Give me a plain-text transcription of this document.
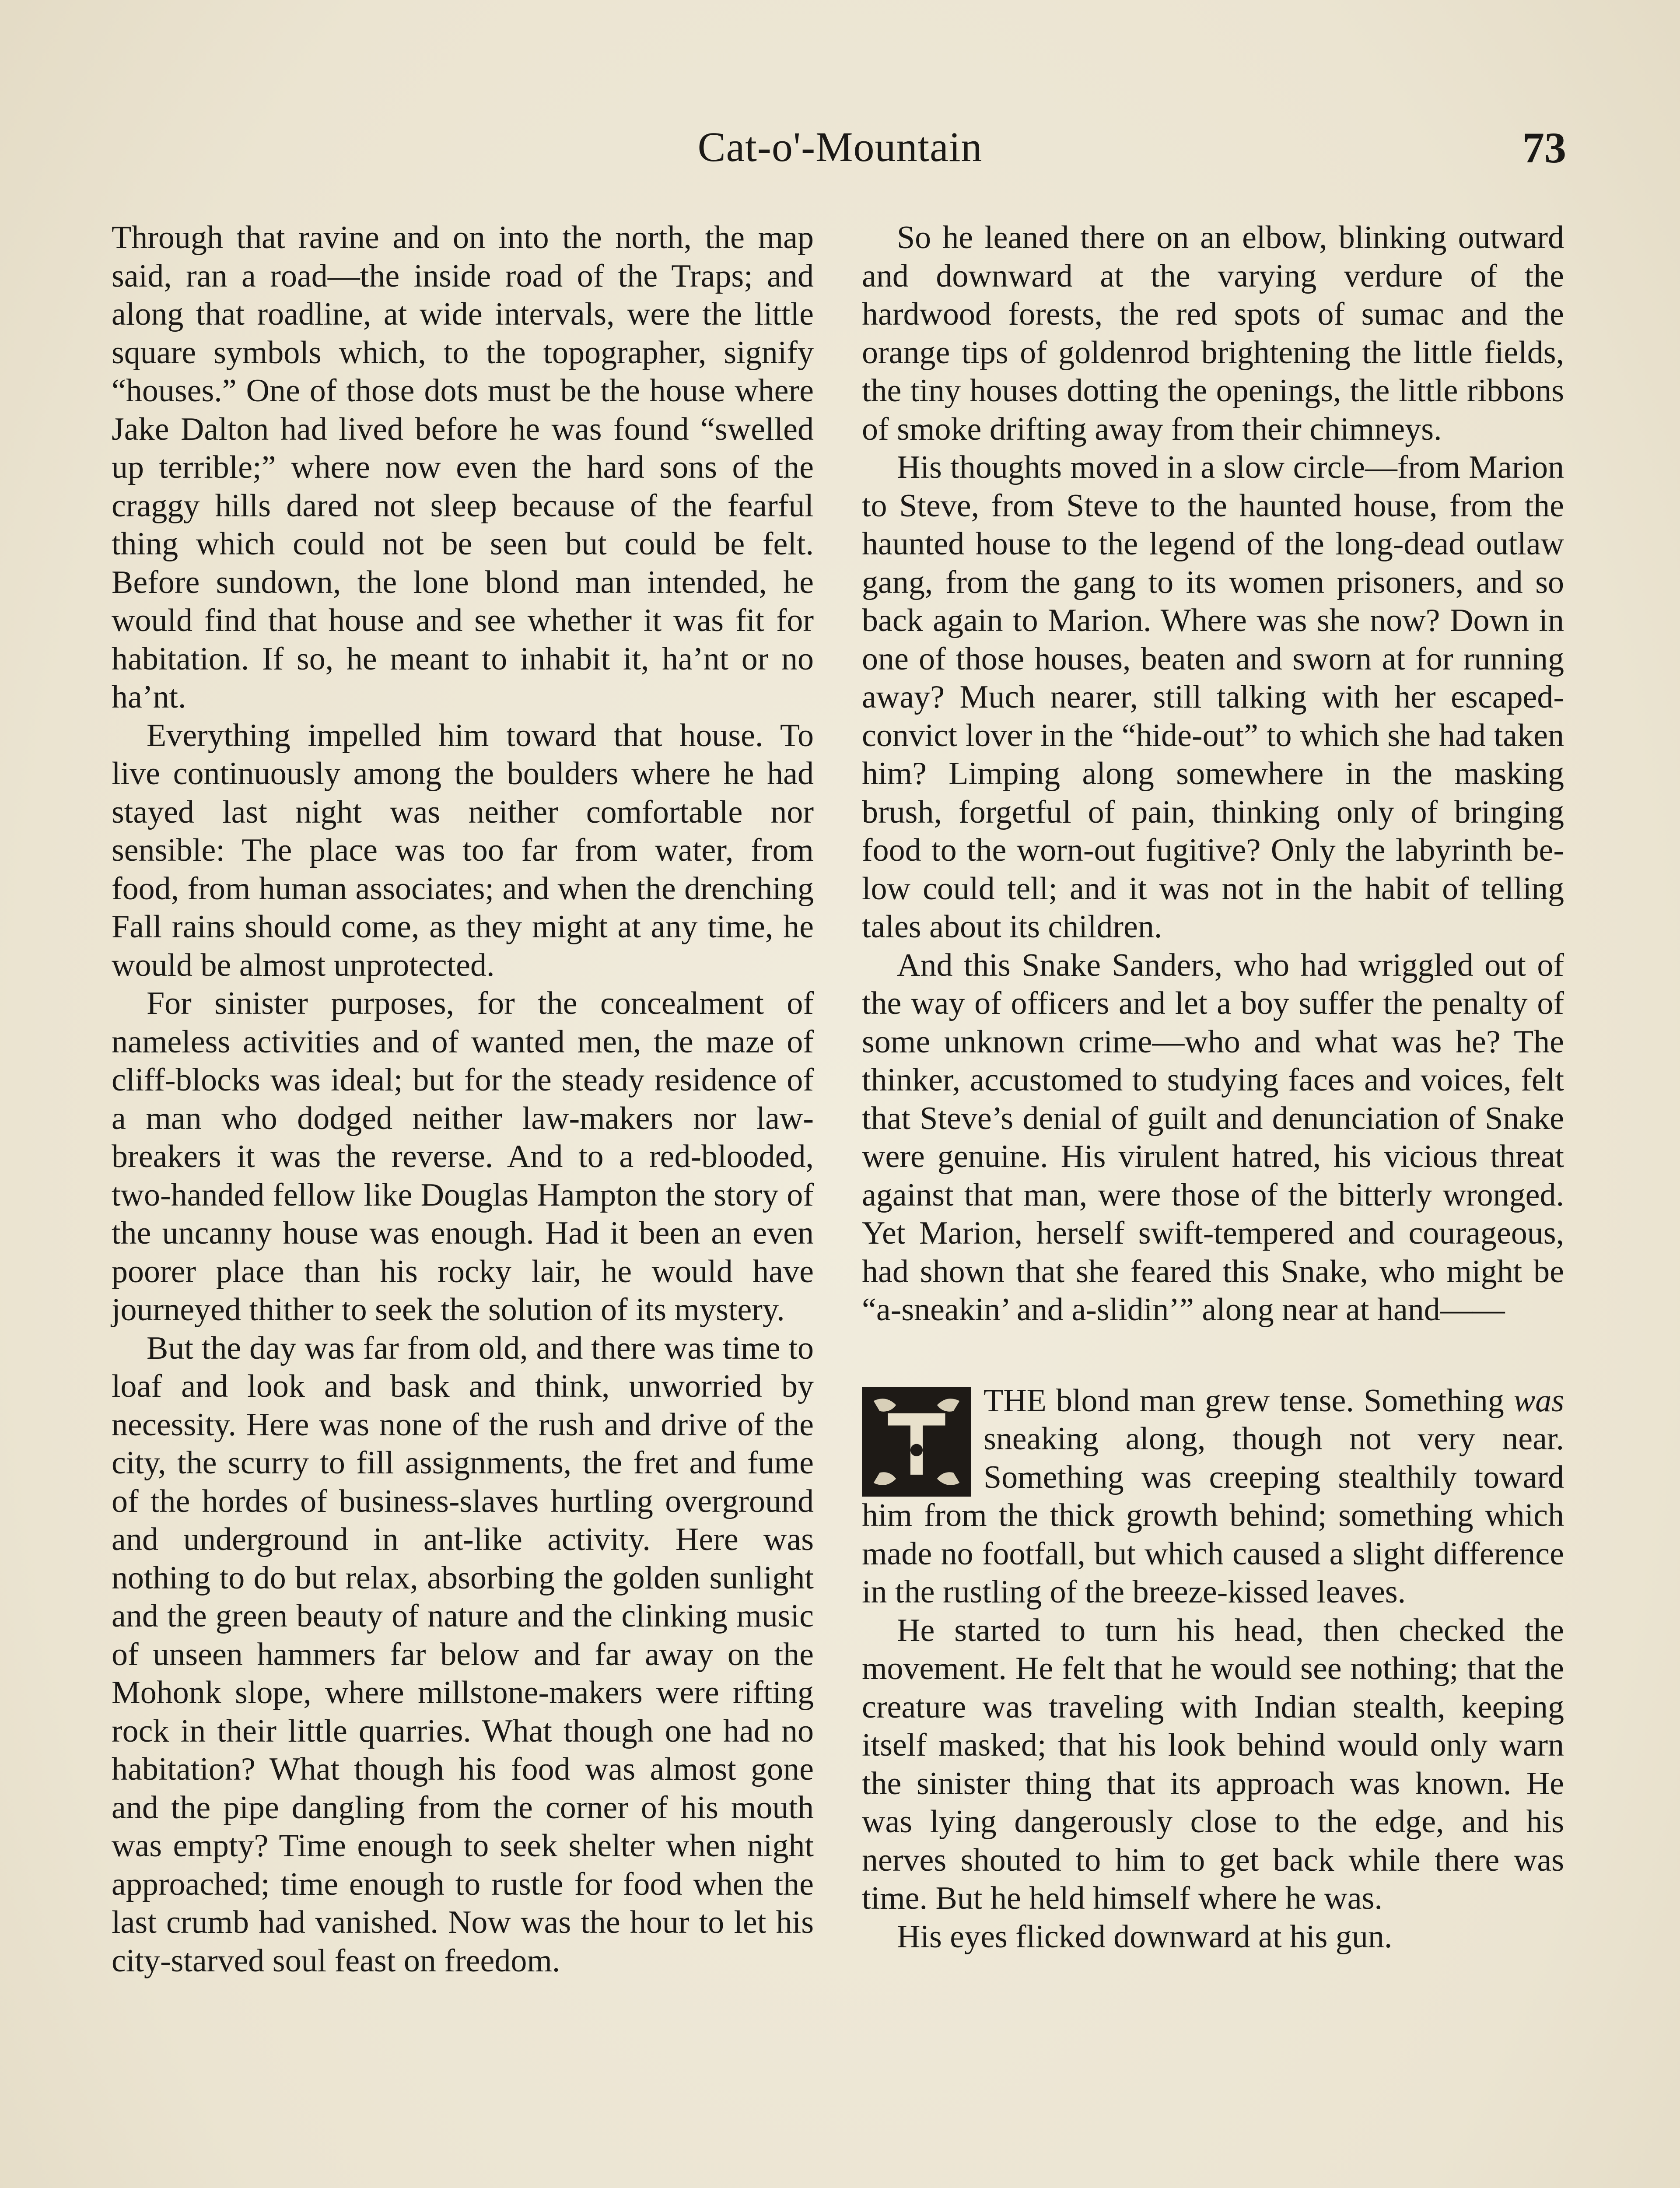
Cat-o'-Mountain	73

Through that ravine and on into the north, the map said, ran a road—the inside road of the Traps; and along that roadline, at wide intervals, were the little square symbols which, to the topographer, signify “houses.” One of those dots must be the house where Jake Dalton had lived before he was found “swelled up terrible;” where now even the hard sons of the craggy hills dared not sleep because of the fearful thing which could not be seen but could be felt. Before sundown, the lone blond man intended, he would find that house and see whether it was fit for habitation. If so, he meant to inhabit it, ha’nt or no ha’nt.

Everything impelled him toward that house. To live continuously among the boulders where he had stayed last night was neither comfortable nor sensible: The place was too far from water, from food, from human associates; and when the drenching Fall rains should come, as they might at any time, he would be almost unprotected.

For sinister purposes, for the concealment of nameless activities and of wanted men, the maze of cliff-blocks was ideal; but for the steady residence of a man who dodged neither law-makers nor law-breakers it was the reverse. And to a red-blooded, two-handed fellow like Douglas Hampton the story of the uncanny house was enough. Had it been an even poorer place than his rocky lair, he would have journeyed thither to seek the solution of its mystery.

But the day was far from old, and there was time to loaf and look and bask and think, unworried by necessity. Here was none of the rush and drive of the city, the scurry to fill assignments, the fret and fume of the hordes of business-slaves hurtling overground and underground in ant-like activity. Here was nothing to do but relax, absorbing the golden sunlight and the green beauty of nature and the clinking music of unseen hammers far below and far away on the Mohonk slope, where millstone-makers were rifting rock in their little quarries. What though one had no habitation? What though his food was almost gone and the pipe dangling from the corner of his mouth was empty? Time enough to seek shelter when night approached; time enough to rustle for food when the last crumb had vanished. Now was the hour to let his city-starved soul feast on freedom.

So he leaned there on an elbow, blinking outward and downward at the varying verdure of the hardwood forests, the red spots of sumac and the orange tips of goldenrod brightening the little fields, the tiny houses dotting the openings, the little ribbons of smoke drifting away from their chimneys.

His thoughts moved in a slow circle—from Marion to Steve, from Steve to the haunted house, from the haunted house to the legend of the long-dead outlaw gang, from the gang to its women prisoners, and so back again to Marion. Where was she now? Down in one of those houses, beaten and sworn at for running away? Much nearer, still talking with her escaped-convict lover in the “hide-out” to which she had taken him? Limping along somewhere in the masking brush, forgetful of pain, thinking only of bringing food to the worn-out fugitive? Only the labyrinth below could tell; and it was not in the habit of telling tales about its children.

And this Snake Sanders, who had wriggled out of the way of officers and let a boy suffer the penalty of some unknown crime—who and what was he? The thinker, accustomed to studying faces and voices, felt that Steve’s denial of guilt and denunciation of Snake were genuine. His virulent hatred, his vicious threat against that man, were those of the bitterly wronged. Yet Marion, herself swift-tempered and courageous, had shown that she feared this Snake, who might be “a-sneakin’ and a-slidin’” along near at hand——

THE blond man grew tense. Something was sneaking along, though not very near. Something was creeping stealthily toward him from the thick growth behind; something which made no footfall, but which caused a slight difference in the rustling of the breeze-kissed leaves.

He started to turn his head, then checked the movement. He felt that he would see nothing; that the creature was traveling with Indian stealth, keeping itself masked; that his look behind would only warn the sinister thing that its approach was known. He was lying dangerously close to the edge, and his nerves shouted to him to get back while there was time. But he held himself where he was.

His eyes flicked downward at his gun.
